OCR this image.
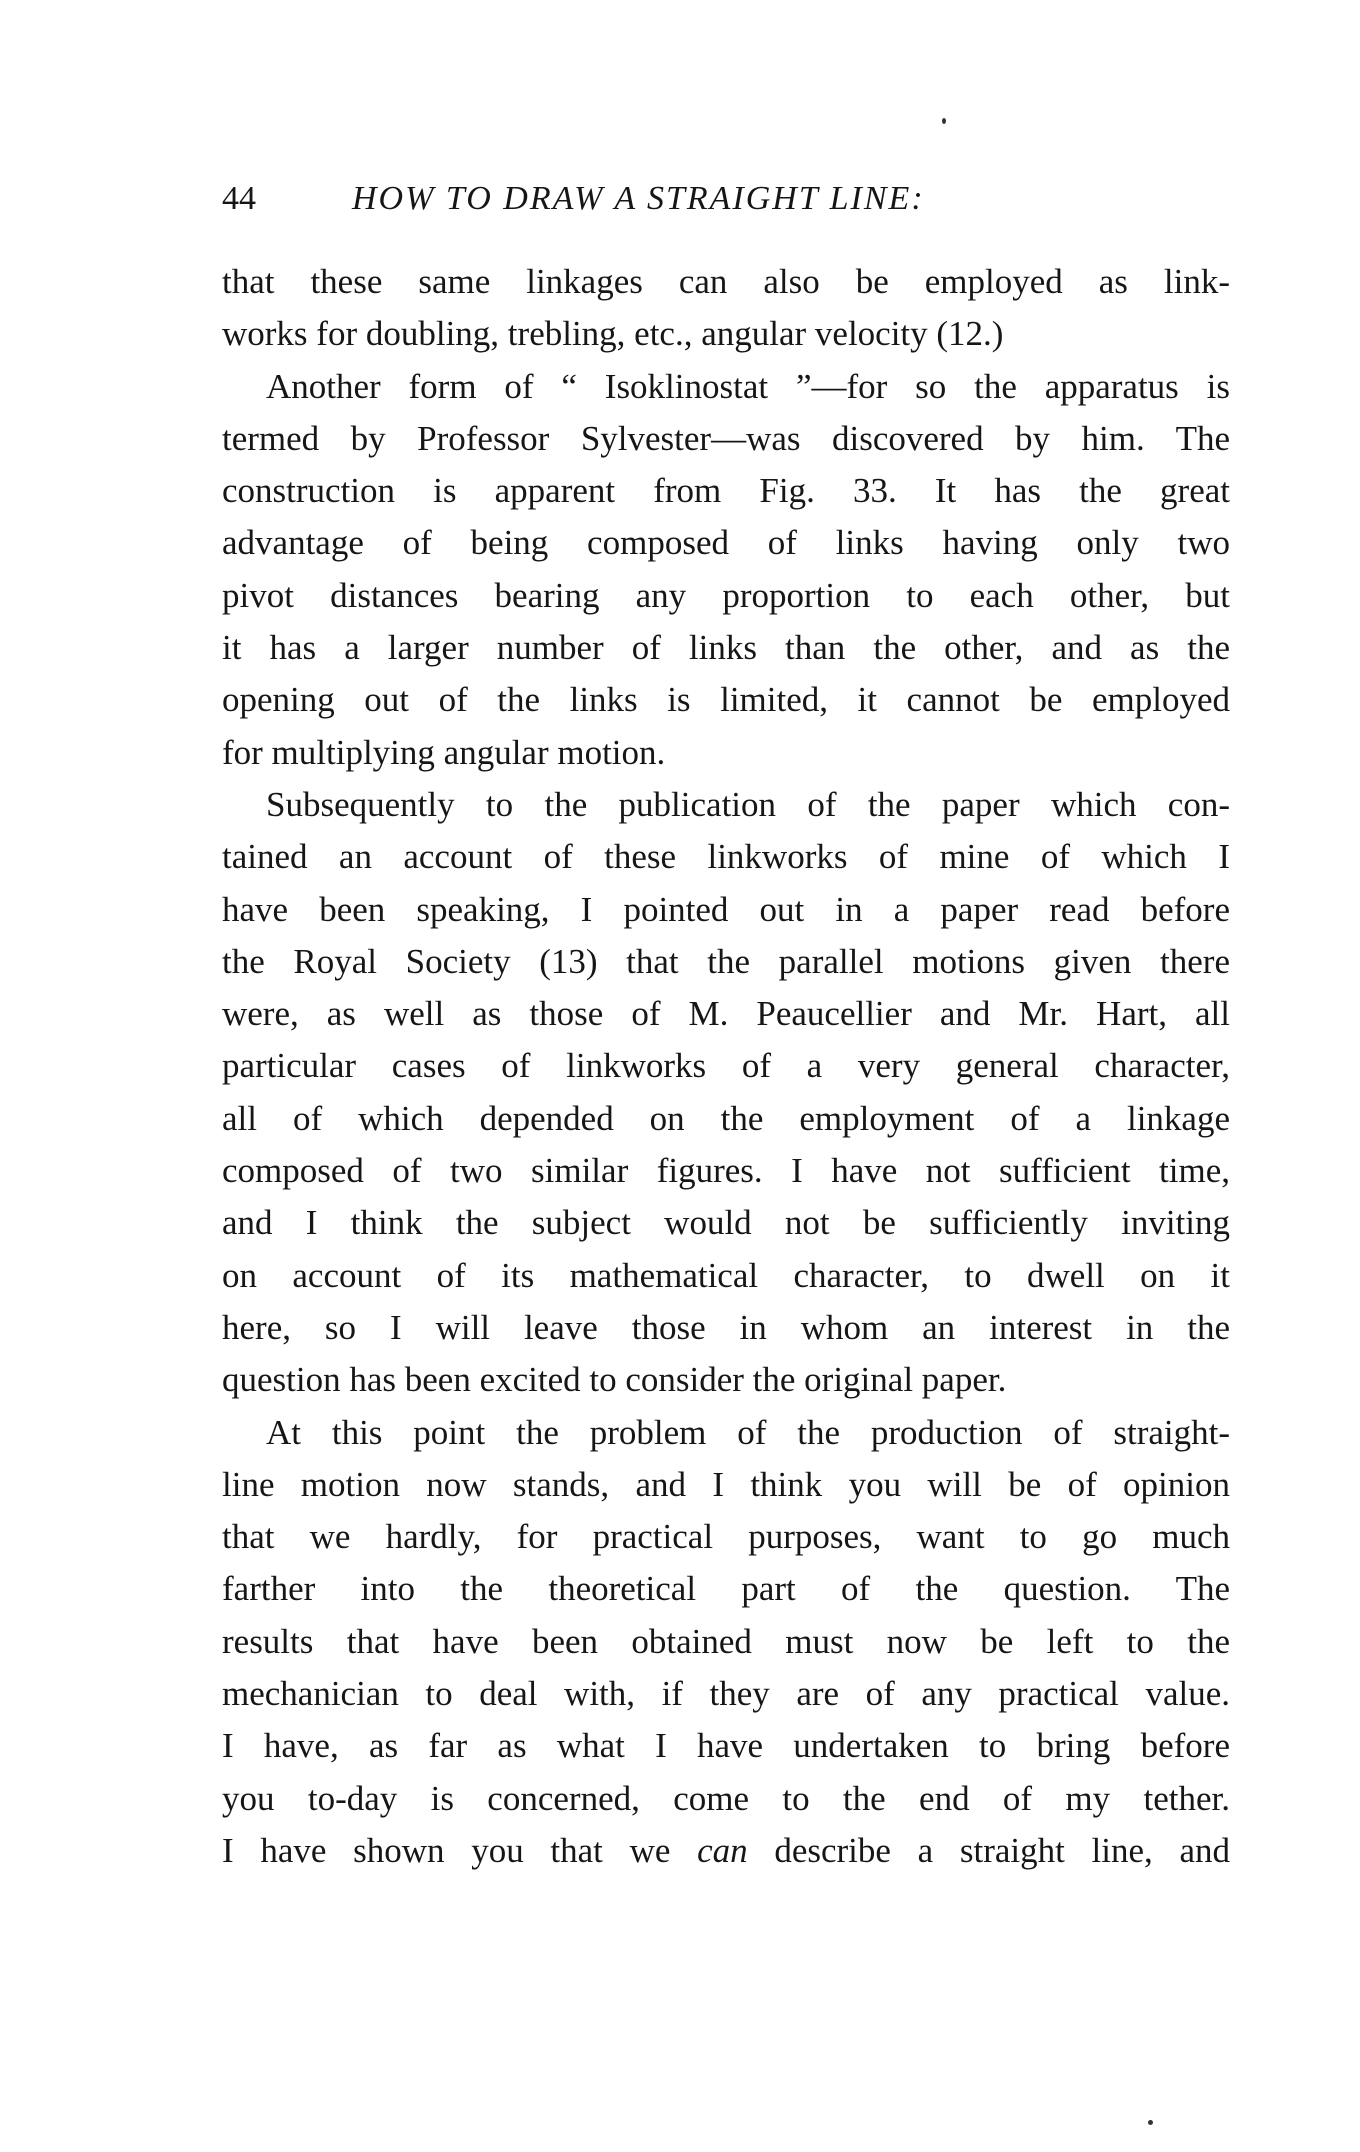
44	HOW TO DRAW A STRAIGHT LINE:
that these same linkages can also be employed as link-
works for doubling, trebling, etc., angular velocity (12.)
Another form of “ Isoklinostat ”—for so the apparatus is
termed by Professor Sylvester—was discovered by him. The
construction is apparent from Fig. 33. It has the great
advantage of being composed of links having only two
pivot distances bearing any proportion to each other, but
it has a larger number of links than the other, and as the
opening out of the links is limited, it cannot be employed
for multiplying angular motion.
Subsequently to the publication of the paper which con-
tained an account of these linkworks of mine of which I
have been speaking, I pointed out in a paper read before
the Royal Society (13) that the parallel motions given there
were, as well as those of M. Peaucellier and Mr. Hart, all
particular cases of linkworks of a very general character,
all of which depended on the employment of a linkage
composed of two similar figures. I have not sufficient time,
and I think the subject would not be sufficiently inviting
on account of its mathematical character, to dwell on it
here, so I will leave those in whom an interest in the
question has been excited to consider the original paper.
At this point the problem of the production of straight-
line motion now stands, and I think you will be of opinion
that we hardly, for practical purposes, want to go much
farther into the theoretical part of the question. The
results that have been obtained must now be left to the
mechanician to deal with, if they are of any practical value.
I have, as far as what I have undertaken to bring before
you to-day is concerned, come to the end of my tether.
I have shown you that we can describe a straight line, and
